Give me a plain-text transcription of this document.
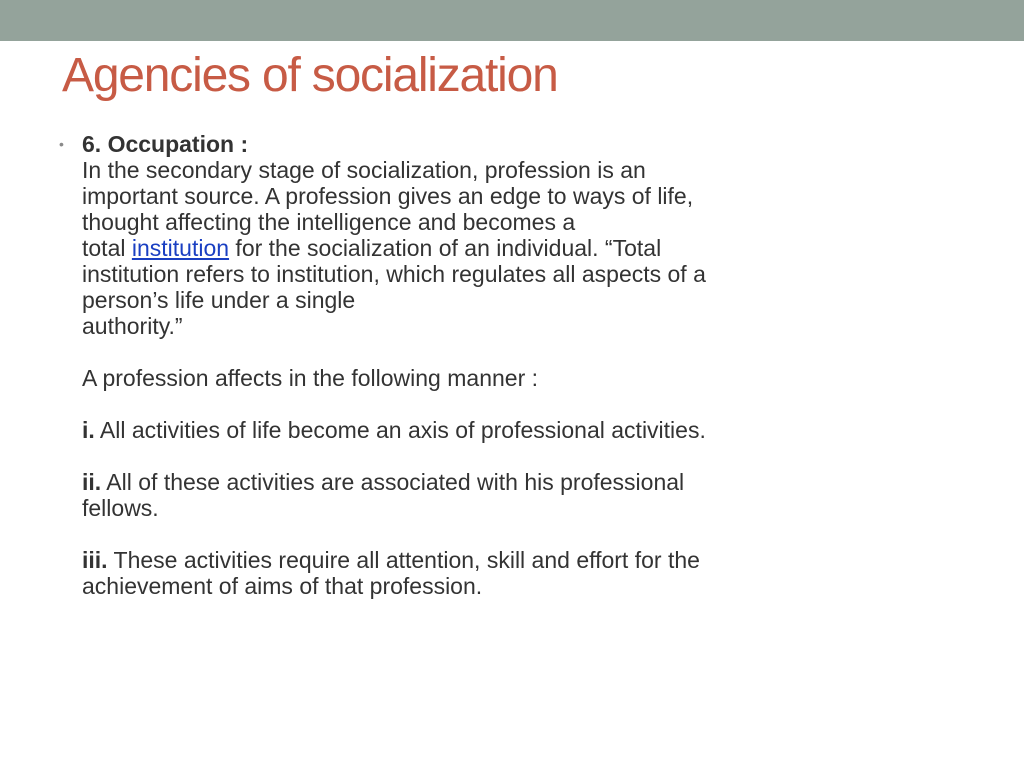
Agencies of socialization
• 6. Occupation :
In the secondary stage of socialization, profession is an
important source. A profession gives an edge to ways of life,
thought affecting the intelligence and becomes a
total institution for the socialization of an individual. “Total
institution refers to institution, which regulates all aspects of a
person’s life under a single
authority.”
A profession affects in the following manner :
i. All activities of life become an axis of professional activities.
ii. All of these activities are associated with his professional
fellows.
iii. These activities require all attention, skill and effort for the
achievement of aims of that profession.
